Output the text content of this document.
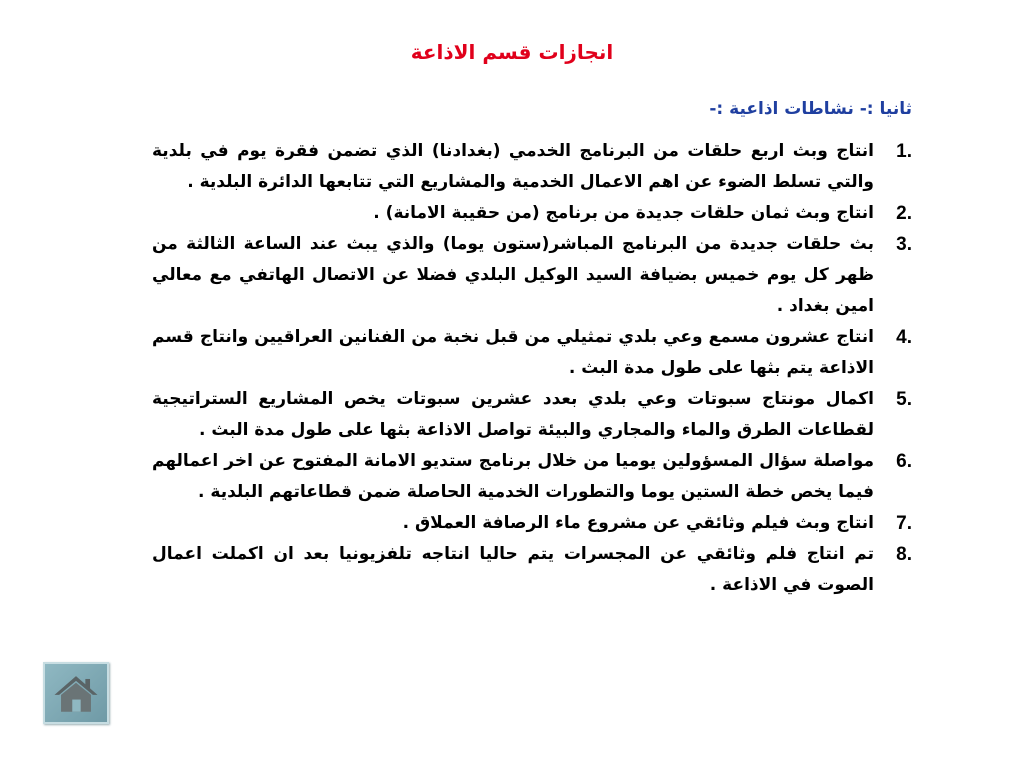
انجازات قسم الاذاعة
ثانيا :- نشاطات اذاعية :-
1.
انتاج وبث اربع حلقات من البرنامج الخدمي (بغدادنا) الذي تضمن فقرة يوم في بلدية والتي تسلط الضوء عن اهم الاعمال الخدمية والمشاريع التي تتابعها الدائرة البلدية .
2.
انتاج وبث ثمان حلقات جديدة من برنامج (من حقيبة الامانة) .
3.
بث حلقات جديدة من البرنامج المباشر(ستون يوما) والذي يبث عند الساعة الثالثة من ظهر كل يوم خميس بضيافة السيد الوكيل البلدي فضلا عن الاتصال الهاتفي مع معالي امين بغداد .
4.
انتاج عشرون مسمع وعي بلدي تمثيلي من قبل نخبة من الفنانين العراقيين وانتاج قسم الاذاعة يتم بثها على طول مدة البث .
5.
اكمال مونتاج سبوتات وعي بلدي بعدد عشرين سبوتات يخص المشاريع الستراتيجية لقطاعات الطرق والماء والمجاري والبيئة تواصل الاذاعة بثها على طول مدة البث .
6.
مواصلة سؤال المسؤولين يوميا من خلال برنامج ستديو الامانة المفتوح عن اخر اعمالهم فيما يخص خطة الستين يوما والتطورات الخدمية الحاصلة ضمن قطاعاتهم البلدية .
7.
انتاج وبث فيلم وثائقي عن مشروع ماء الرصافة العملاق .
8.
تم انتاج فلم وثائقي عن المجسرات يتم حاليا انتاجه تلفزيونيا بعد ان اكملت اعمال الصوت في الاذاعة .
